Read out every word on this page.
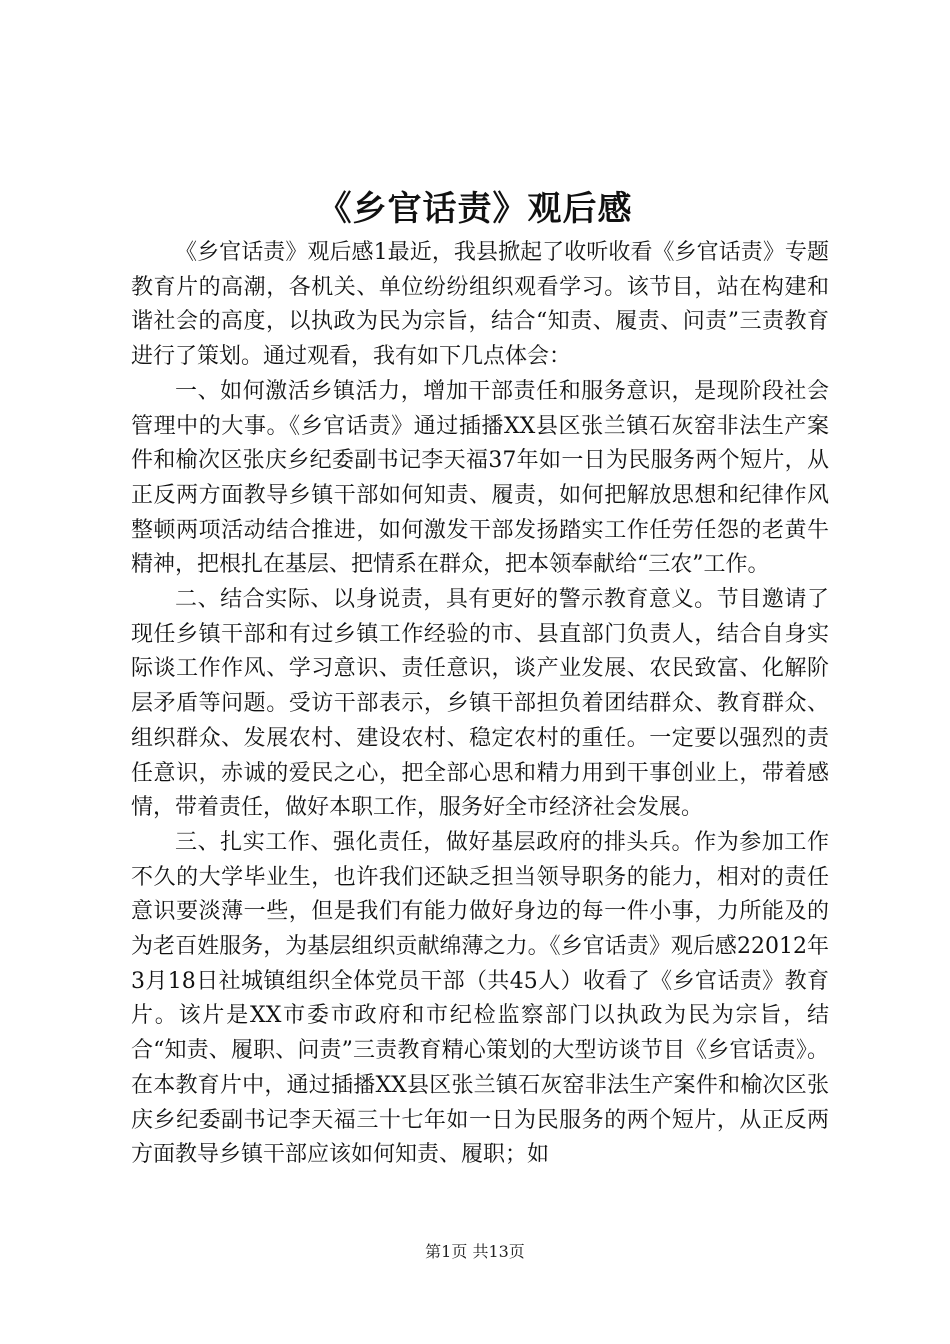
《乡官话责》观后感

《乡官话责》观后感1最近，我县掀起了收听收看《乡官话责》专题教育片的高潮，各机关、单位纷纷组织观看学习。该节目，站在构建和谐社会的高度，以执政为民为宗旨，结合“知责、履责、问责”三责教育进行了策划。通过观看，我有如下几点体会：

一、如何激活乡镇活力，增加干部责任和服务意识，是现阶段社会管理中的大事。《乡官话责》通过插播XX县区张兰镇石灰窑非法生产案件和榆次区张庆乡纪委副书记李天福37年如一日为民服务两个短片，从正反两方面教导乡镇干部如何知责、履责，如何把解放思想和纪律作风整顿两项活动结合推进，如何激发干部发扬踏实工作任劳任怨的老黄牛精神，把根扎在基层、把情系在群众，把本领奉献给“三农”工作。

二、结合实际、以身说责，具有更好的警示教育意义。节目邀请了现任乡镇干部和有过乡镇工作经验的市、县直部门负责人，结合自身实际谈工作作风、学习意识、责任意识，谈产业发展、农民致富、化解阶层矛盾等问题。受访干部表示，乡镇干部担负着团结群众、教育群众、组织群众、发展农村、建设农村、稳定农村的重任。一定要以强烈的责任意识，赤诚的爱民之心，把全部心思和精力用到干事创业上，带着感情，带着责任，做好本职工作，服务好全市经济社会发展。

三、扎实工作、强化责任，做好基层政府的排头兵。作为参加工作不久的大学毕业生，也许我们还缺乏担当领导职务的能力，相对的责任意识要淡薄一些，但是我们有能力做好身边的每一件小事，力所能及的为老百姓服务，为基层组织贡献绵薄之力。《乡官话责》观后感22012年3月18日社城镇组织全体党员干部（共45人）收看了《乡官话责》教育片。该片是XX市委市政府和市纪检监察部门以执政为民为宗旨，结合“知责、履职、问责”三责教育精心策划的大型访谈节目《乡官话责》。在本教育片中，通过插播XX县区张兰镇石灰窑非法生产案件和榆次区张庆乡纪委副书记李天福三十七年如一日为民服务的两个短片，从正反两方面教导乡镇干部应该如何知责、履职；如

第1页 共13页
